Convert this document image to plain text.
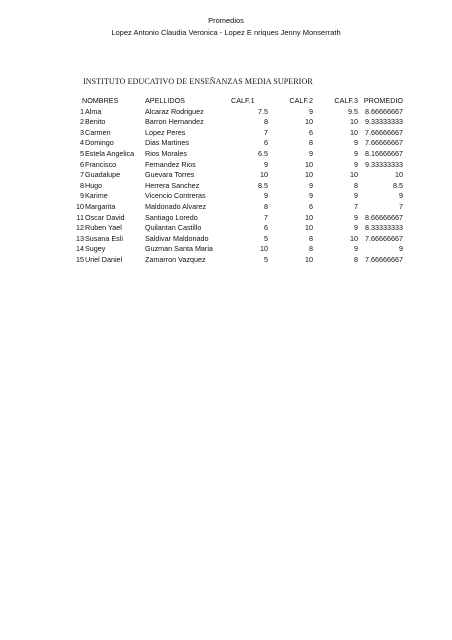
Promedios
Lopez Antonio Claudia Veronica - Lopez E nriques Jenny Monserrath
INSTITUTO EDUCATIVO DE ENSEÑANZAS MEDIA SUPERIOR
NOMBRES		APELLIDOS	CALF.1	CALF.2	CALF.3	PROMEDIO
1	Alma	Alcaraz Rodriguez	7.5	9	9.5	8.66666667
2	Benito	Barron Hernandez	8	10	10	9.33333333
3	Carmen	Lopez Peres	7	6	10	7.66666667
4	Domingo	Dias Martines	6	8	9	7.66666667
5	Estela Angelica	Rios Morales	6.5	9	9	8.16666667
6	Francisco	Fernandez Rios	9	10	9	9.33333333
7	Guadalupe	Guevara Torres	10	10	10	10
8	Hugo	Herrera Sanchez	8.5	9	8	8.5
9	Karime	Vicencio Contreras	9	9	9	9
10	Margarita	Maldonado Alvarez	8	6	7	7
11	Oscar David	Santiago Loredo	7	10	9	8.66666667
12	Ruben Yael	Quilantan Castillo	6	10	9	8.33333333
13	Susana Esli	Saldivar Maldonado	5	8	10	7.66666667
14	Sugey	Guzman Santa Maria	10	8	9	9
15	Uriel Daniel	Zamarron Vazquez	5	10	8	7.66666667
